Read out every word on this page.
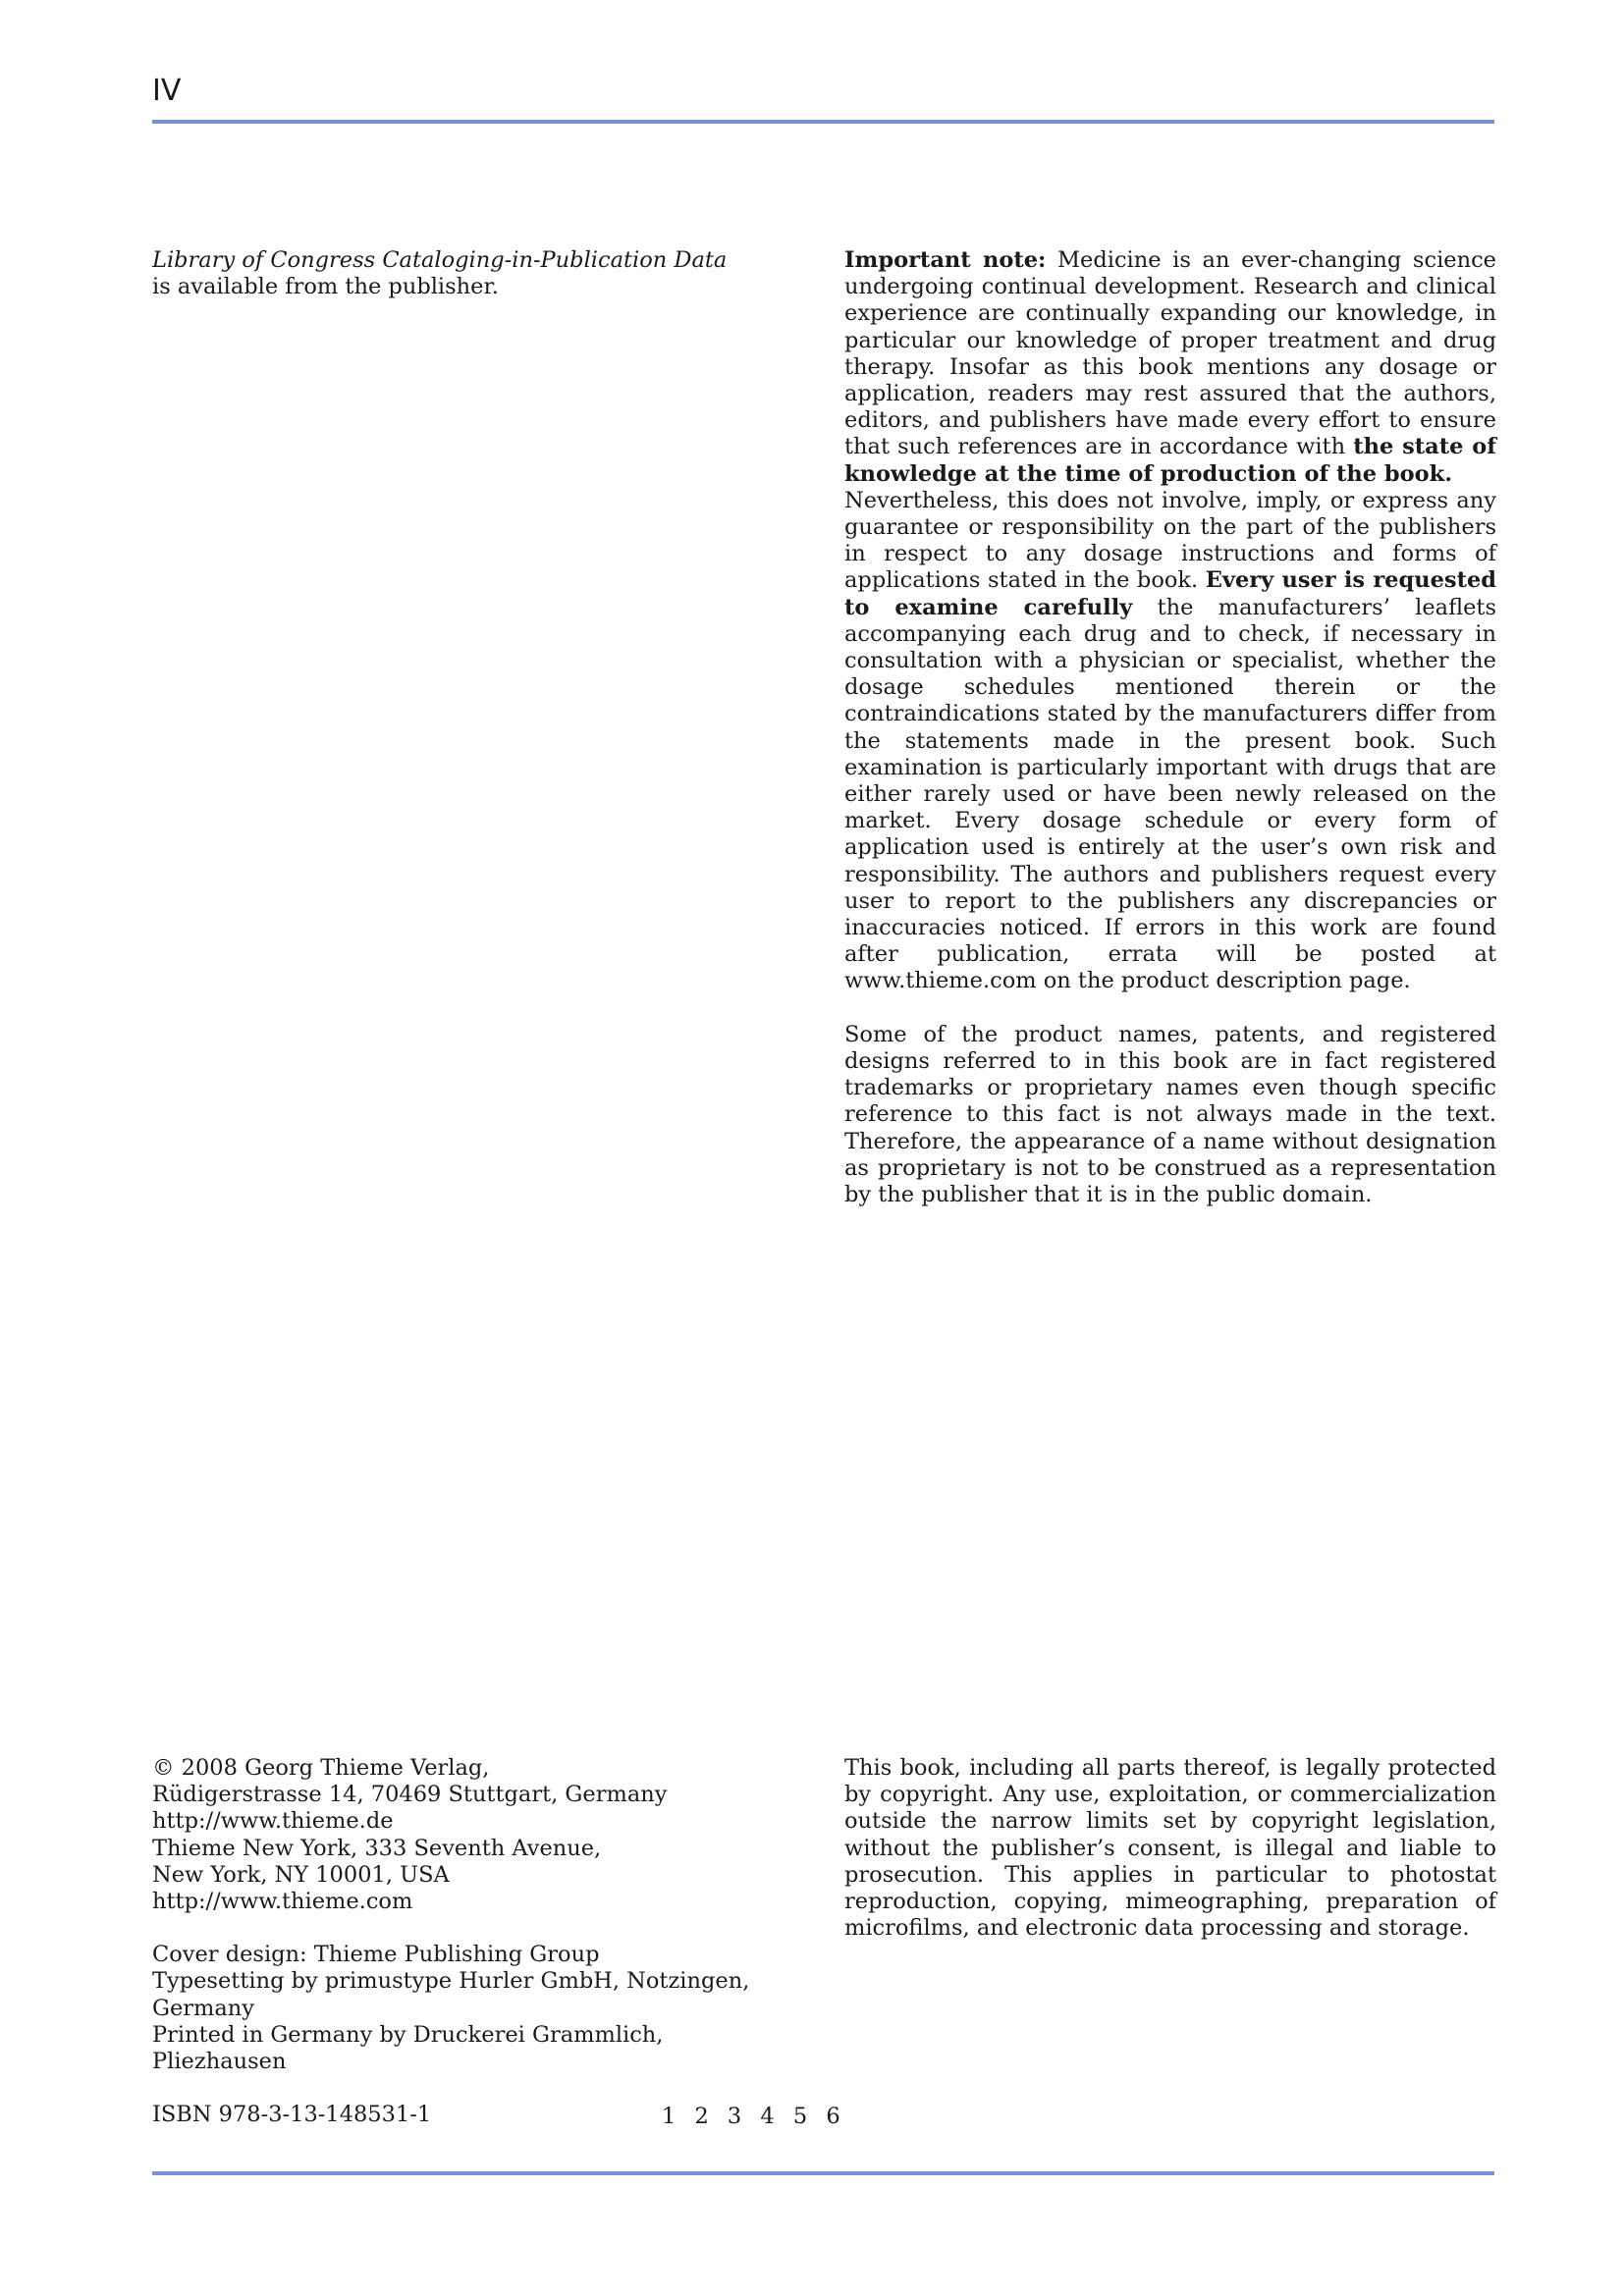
IV
Library of Congress Cataloging-in-Publication Data
is available from the publisher.

Important note: Medicine is an ever-changing science undergoing continual development. Research and clinical experience are continually expanding our knowledge, in particular our knowledge of proper treatment and drug therapy. Insofar as this book mentions any dosage or application, readers may rest assured that the authors, editors, and publishers have made every effort to ensure that such references are in accordance with the state of knowledge at the time of production of the book.

Nevertheless, this does not involve, imply, or express any guarantee or responsibility on the part of the publishers in respect to any dosage instructions and forms of applications stated in the book. Every user is requested to examine carefully the manufacturers’ leaflets accompanying each drug and to check, if necessary in consultation with a physician or specialist, whether the dosage schedules mentioned therein or the contraindications stated by the manufacturers differ from the statements made in the present book. Such examination is particularly important with drugs that are either rarely used or have been newly released on the market. Every dosage schedule or every form of application used is entirely at the user’s own risk and responsibility. The authors and publishers request every user to report to the publishers any discrepancies or inaccuracies noticed. If errors in this work are found after publication, errata will be posted at www.thieme.com on the product description page.

Some of the product names, patents, and registered designs referred to in this book are in fact registered trademarks or proprietary names even though specific reference to this fact is not always made in the text. Therefore, the appearance of a name without designation as proprietary is not to be construed as a representation by the publisher that it is in the public domain.

© 2008 Georg Thieme Verlag,
Rüdigerstrasse 14, 70469 Stuttgart, Germany
http://www.thieme.de
Thieme New York, 333 Seventh Avenue,
New York, NY 10001, USA
http://www.thieme.com
Cover design: Thieme Publishing Group
Typesetting by primustype Hurler GmbH, Notzingen,
Germany
Printed in Germany by Druckerei Grammlich, Pliezhausen
ISBN 978-3-13-148531-1	1 2 3 4 5 6

This book, including all parts thereof, is legally protected by copyright. Any use, exploitation, or commercialization outside the narrow limits set by copyright legislation, without the publisher’s consent, is illegal and liable to prosecution. This applies in particular to photostat reproduction, copying, mimeographing, preparation of microfilms, and electronic data processing and storage.
